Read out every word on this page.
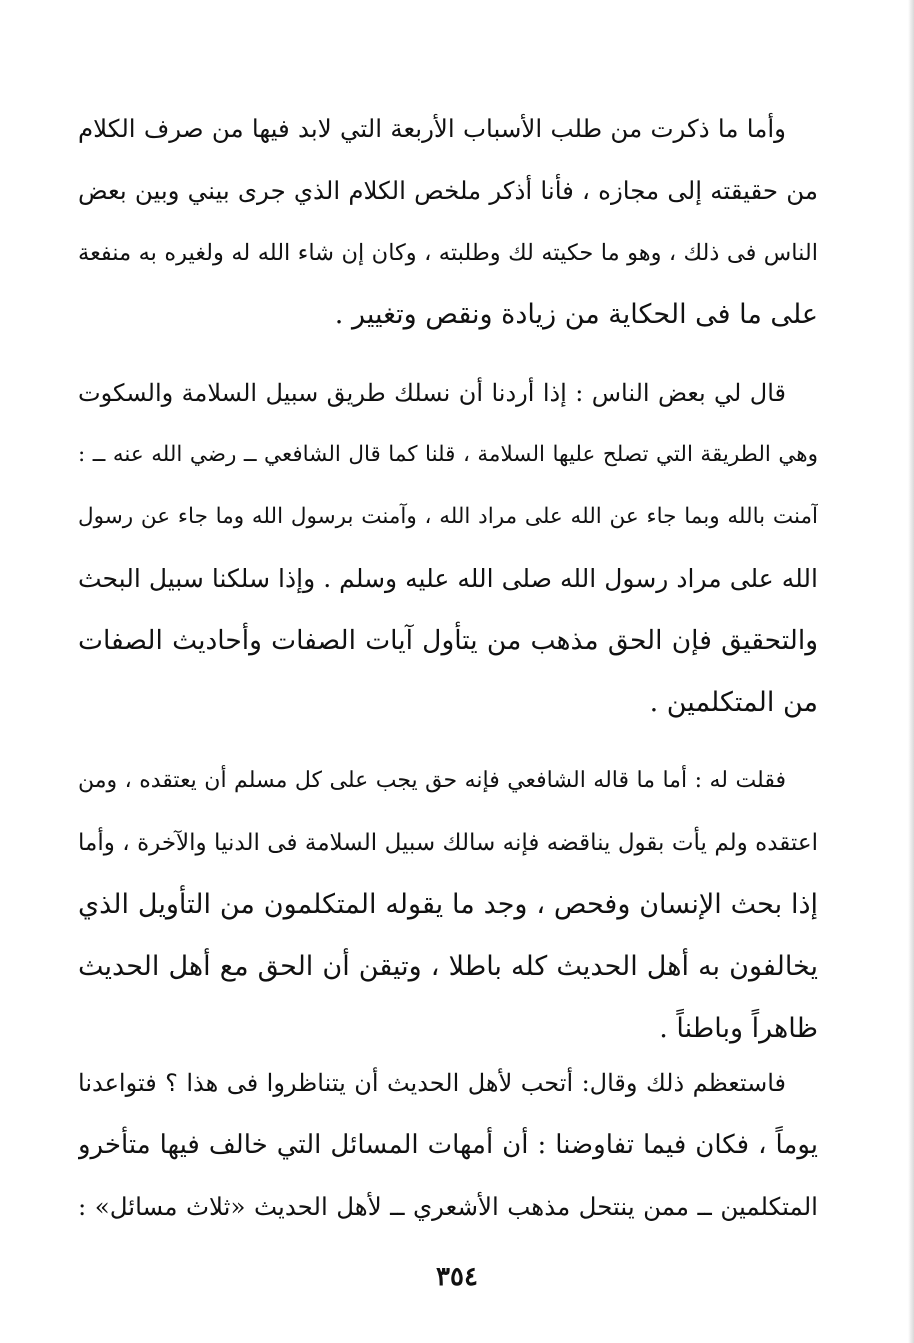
وأما ما ذكرت من طلب الأسباب الأربعة التي لابد فيها من صرف الكلام
من حقيقته إلى مجازه ، فأنا أذكر ملخص الكلام الذي جرى بيني وبين بعض
الناس فى ذلك ، وهو ما حكيته لك وطلبته ، وكان إن شاء الله له ولغيره به منفعة
على ما فى الحكاية من زيادة ونقص وتغيير .
قال لي بعض الناس : إذا أردنا أن نسلك طريق سبيل السلامة والسكوت
وهي الطريقة التي تصلح عليها السلامة ، قلنا كما قال الشافعي ــ رضي الله عنه ــ :
آمنت بالله وبما جاء عن الله على مراد الله ، وآمنت برسول الله وما جاء عن رسول
الله على مراد رسول الله صلى الله عليه وسلم . وإذا سلكنا سبيل البحث
والتحقيق فإن الحق مذهب من يتأول آيات الصفات وأحاديث الصفات
من المتكلمين .
فقلت له : أما ما قاله الشافعي فإنه حق يجب على كل مسلم أن يعتقده ، ومن
اعتقده ولم يأت بقول يناقضه فإنه سالك سبيل السلامة فى الدنيا والآخرة ، وأما
إذا بحث الإنسان وفحص ، وجد ما يقوله المتكلمون من التأويل الذي
يخالفون به أهل الحديث كله باطلا ، وتيقن أن الحق مع أهل الحديث
ظاهراً وباطناً .
فاستعظم ذلك وقال: أتحب لأهل الحديث أن يتناظروا فى هذا ؟ فتواعدنا
يوماً ، فكان فيما تفاوضنا : أن أمهات المسائل التي خالف فيها متأخرو
المتكلمين ــ ممن ينتحل مذهب الأشعري ــ لأهل الحديث «ثلاث مسائل» :
٣٥٤
